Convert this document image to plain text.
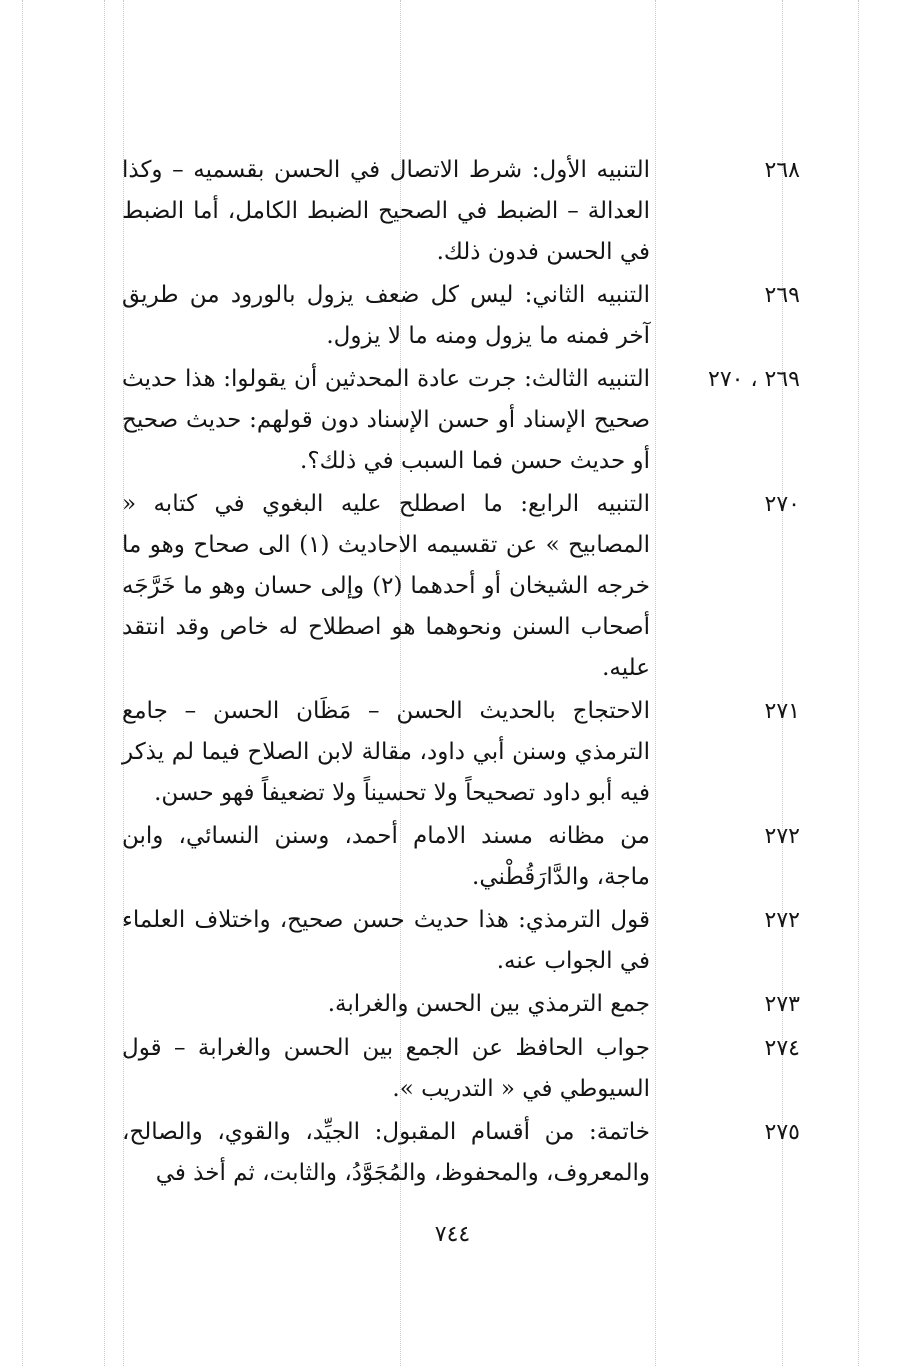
٢٦٨
التنبيه الأول: شرط الاتصال في الحسن بقسميه – وكذا العدالة – الضبط في الصحيح الضبط الكامل، أما الضبط في الحسن فدون ذلك.
٢٦٩
التنبيه الثاني: ليس كل ضعف يزول بالورود من طريق آخر فمنه ما يزول ومنه ما لا يزول.
٢٦٩ ، ٢٧٠
التنبيه الثالث: جرت عادة المحدثين أن يقولوا: هذا حديث صحيح الإسناد أو حسن الإسناد دون قولهم: حديث صحيح أو حديث حسن فما السبب في ذلك؟.
٢٧٠
التنبيه الرابع: ما اصطلح عليه البغوي في كتابه « المصابيح » عن تقسيمه الاحاديث (١) الى صحاح وهو ما خرجه الشيخان أو أحدهما (٢) وإلى حسان وهو ما خَرَّجَه أصحاب السنن ونحوهما هو اصطلاح له خاص وقد انتقد عليه.
٢٧١
الاحتجاج بالحديث الحسن – مَظَان الحسن – جامع الترمذي وسنن أبي داود، مقالة لابن الصلاح فيما لم يذكر فيه أبو داود تصحيحاً ولا تحسيناً ولا تضعيفاً فهو حسن.
٢٧٢
من مظانه مسند الامام أحمد، وسنن النسائي، وابن ماجة، والدَّارَقُطْني.
٢٧٢
قول الترمذي: هذا حديث حسن صحيح، واختلاف العلماء في الجواب عنه.
٢٧٣
جمع الترمذي بين الحسن والغرابة.
٢٧٤
جواب الحافظ عن الجمع بين الحسن والغرابة – قول السيوطي في « التدريب ».
٢٧٥
خاتمة: من أقسام المقبول: الجيِّد، والقوي، والصالح، والمعروف، والمحفوظ، والمُجَوَّدُ، والثابت، ثم أخذ في
٧٤٤
